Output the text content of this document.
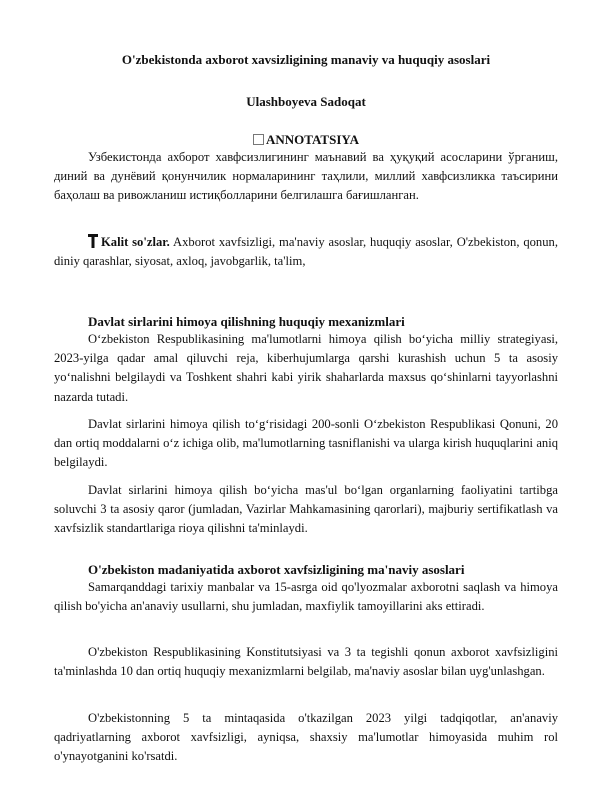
O'zbekistonda axborot xavsizligining manaviy va huquqiy asoslari
Ulashboyeva Sadoqat
ANNOTATSIYA
Узбекистонда ахборот хавфсизлигининг маънавий ва ҳуқуқий асосларини ўрганиш, диний ва дунёвий қонунчилик нормаларининг таҳлили, миллий хавфсизликка таъсирини баҳолаш ва ривожланиш истиқболларини белгилашга бағишланган.
Kalit so'zlar. Axborot xavfsizligi, ma'naviy asoslar, huquqiy asoslar, O'zbekiston, qonun, diniy qarashlar, siyosat, axloq, javobgarlik, ta'lim,
Davlat sirlarini himoya qilishning huquqiy mexanizmlari
O‘zbekiston Respublikasining ma'lumotlarni himoya qilish bo‘yicha milliy strategiyasi, 2023-yilga qadar amal qiluvchi reja, kiberhujumlarga qarshi kurashish uchun 5 ta asosiy yo‘nalishni belgilaydi va Toshkent shahri kabi yirik shaharlarda maxsus qo‘shinlarni tayyorlashni nazarda tutadi.
Davlat sirlarini himoya qilish to‘g‘risidagi 200-sonli O‘zbekiston Respublikasi Qonuni, 20 dan ortiq moddalarni o‘z ichiga olib, ma'lumotlarning tasniflanishi va ularga kirish huquqlarini aniq belgilaydi.
Davlat sirlarini himoya qilish bo‘yicha mas'ul bo‘lgan organlarning faoliyatini tartibga soluvchi 3 ta asosiy qaror (jumladan, Vazirlar Mahkamasining qarorlari), majburiy sertifikatlash va xavfsizlik standartlariga rioya qilishni ta'minlaydi.
O'zbekiston madaniyatida axborot xavfsizligining ma'naviy asoslari
Samarqanddagi tarixiy manbalar va 15-asrga oid qo'lyozmalar axborotni saqlash va himoya qilish bo'yicha an'anaviy usullarni, shu jumladan, maxfiylik tamoyillarini aks ettiradi.
O'zbekiston Respublikasining Konstitutsiyasi va 3 ta tegishli qonun axborot xavfsizligini ta'minlashda 10 dan ortiq huquqiy mexanizmlarni belgilab, ma'naviy asoslar bilan uyg'unlashgan.
O'zbekistonning 5 ta mintaqasida o'tkazilgan 2023 yilgi tadqiqotlar, an'anaviy qadriyatlarning axborot xavfsizligi, ayniqsa, shaxsiy ma'lumotlar himoyasida muhim rol o'ynayotganini ko'rsatdi.
